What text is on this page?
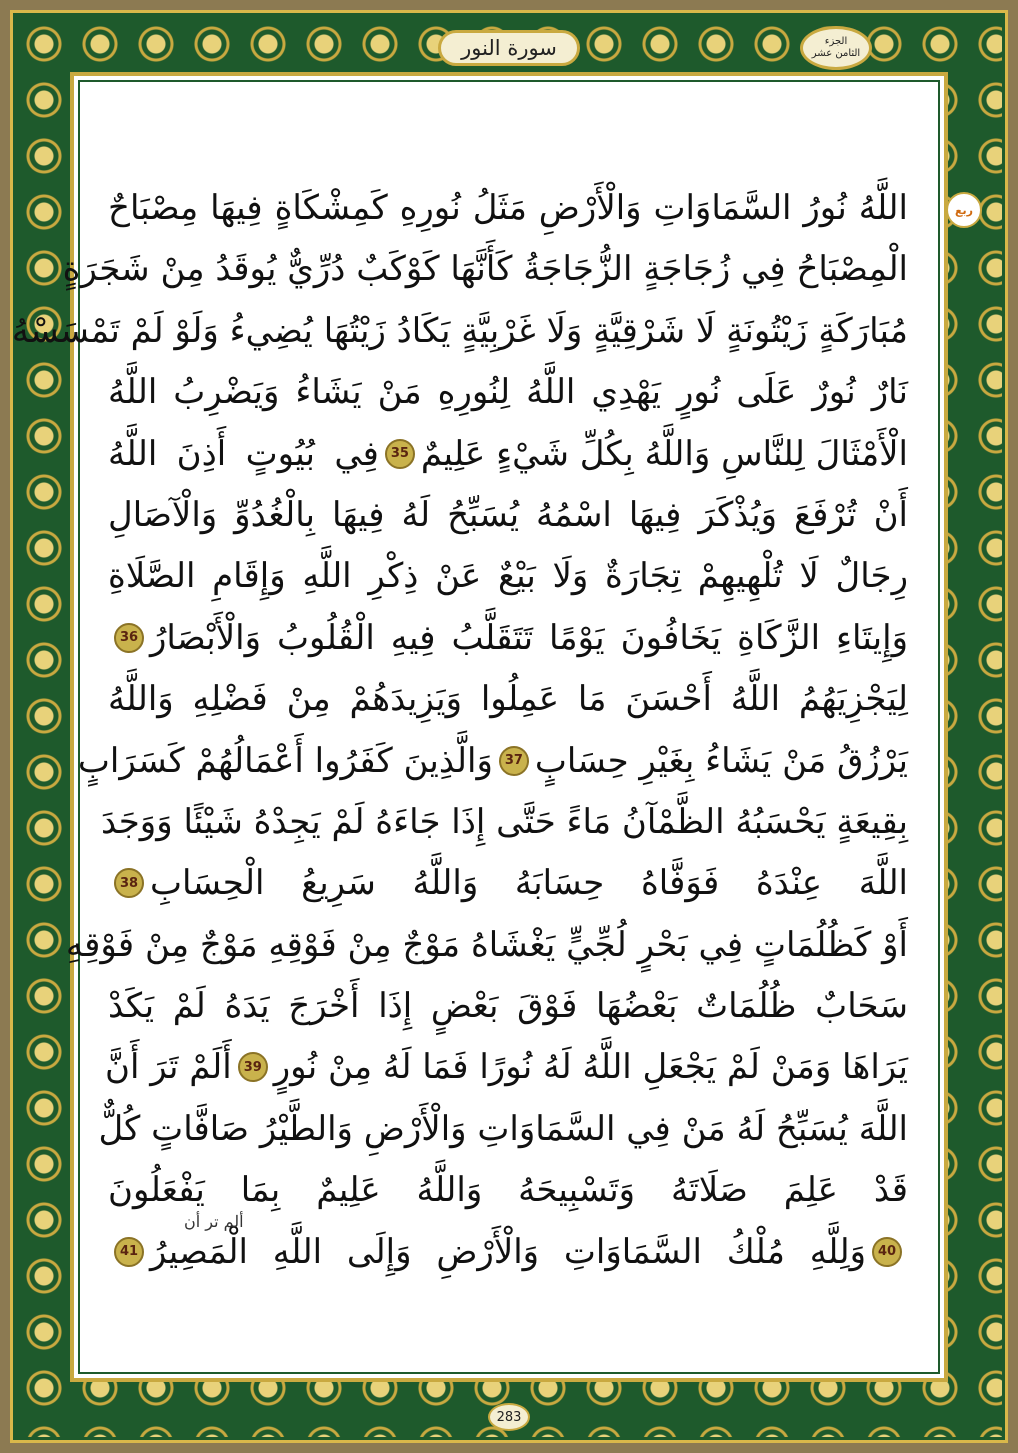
سورة النور	الجزء
الثامن عشر
ربع
اللَّهُ نُورُ السَّمَاوَاتِ وَالْأَرْضِ مَثَلُ نُورِهِ كَمِشْكَاةٍ فِيهَا مِصْبَاحٌ
الْمِصْبَاحُ فِي زُجَاجَةٍ الزُّجَاجَةُ كَأَنَّهَا كَوْكَبٌ دُرِّيٌّ يُوقَدُ مِنْ شَجَرَةٍ
مُبَارَكَةٍ زَيْتُونَةٍ لَا شَرْقِيَّةٍ وَلَا غَرْبِيَّةٍ يَكَادُ زَيْتُهَا يُضِيءُ وَلَوْ لَمْ تَمْسَسْهُ
نَارٌ نُورٌ عَلَى نُورٍ يَهْدِي اللَّهُ لِنُورِهِ مَنْ يَشَاءُ وَيَضْرِبُ اللَّهُ
الْأَمْثَالَ لِلنَّاسِ وَاللَّهُ بِكُلِّ شَيْءٍ عَلِيمٌ
35
فِي بُيُوتٍ أَذِنَ اللَّهُ
أَنْ تُرْفَعَ وَيُذْكَرَ فِيهَا اسْمُهُ يُسَبِّحُ لَهُ فِيهَا بِالْغُدُوِّ وَالْآصَالِ
رِجَالٌ لَا تُلْهِيهِمْ تِجَارَةٌ وَلَا بَيْعٌ عَنْ ذِكْرِ اللَّهِ وَإِقَامِ الصَّلَاةِ
وَإِيتَاءِ الزَّكَاةِ يَخَافُونَ يَوْمًا تَتَقَلَّبُ فِيهِ الْقُلُوبُ وَالْأَبْصَارُ
36
لِيَجْزِيَهُمُ اللَّهُ أَحْسَنَ مَا عَمِلُوا وَيَزِيدَهُمْ مِنْ فَضْلِهِ وَاللَّهُ
يَرْزُقُ مَنْ يَشَاءُ بِغَيْرِ حِسَابٍ
37
وَالَّذِينَ كَفَرُوا أَعْمَالُهُمْ كَسَرَابٍ
بِقِيعَةٍ يَحْسَبُهُ الظَّمْآنُ مَاءً حَتَّى إِذَا جَاءَهُ لَمْ يَجِدْهُ شَيْئًا وَوَجَدَ
اللَّهَ عِنْدَهُ فَوَفَّاهُ حِسَابَهُ وَاللَّهُ سَرِيعُ الْحِسَابِ
38
أَوْ كَظُلُمَاتٍ فِي بَحْرٍ لُجِّيٍّ يَغْشَاهُ مَوْجٌ مِنْ فَوْقِهِ مَوْجٌ مِنْ فَوْقِهِ
سَحَابٌ ظُلُمَاتٌ بَعْضُهَا فَوْقَ بَعْضٍ إِذَا أَخْرَجَ يَدَهُ لَمْ يَكَدْ
يَرَاهَا وَمَنْ لَمْ يَجْعَلِ اللَّهُ لَهُ نُورًا فَمَا لَهُ مِنْ نُورٍ
39
أَلَمْ تَرَ أَنَّ
اللَّهَ يُسَبِّحُ لَهُ مَنْ فِي السَّمَاوَاتِ وَالْأَرْضِ وَالطَّيْرُ صَافَّاتٍ كُلٌّ
قَدْ عَلِمَ صَلَاتَهُ وَتَسْبِيحَهُ وَاللَّهُ عَلِيمٌ بِمَا يَفْعَلُونَ
40
وَلِلَّهِ مُلْكُ السَّمَاوَاتِ وَالْأَرْضِ وَإِلَى اللَّهِ الْمَصِيرُ
41
ألم تر أن
283
